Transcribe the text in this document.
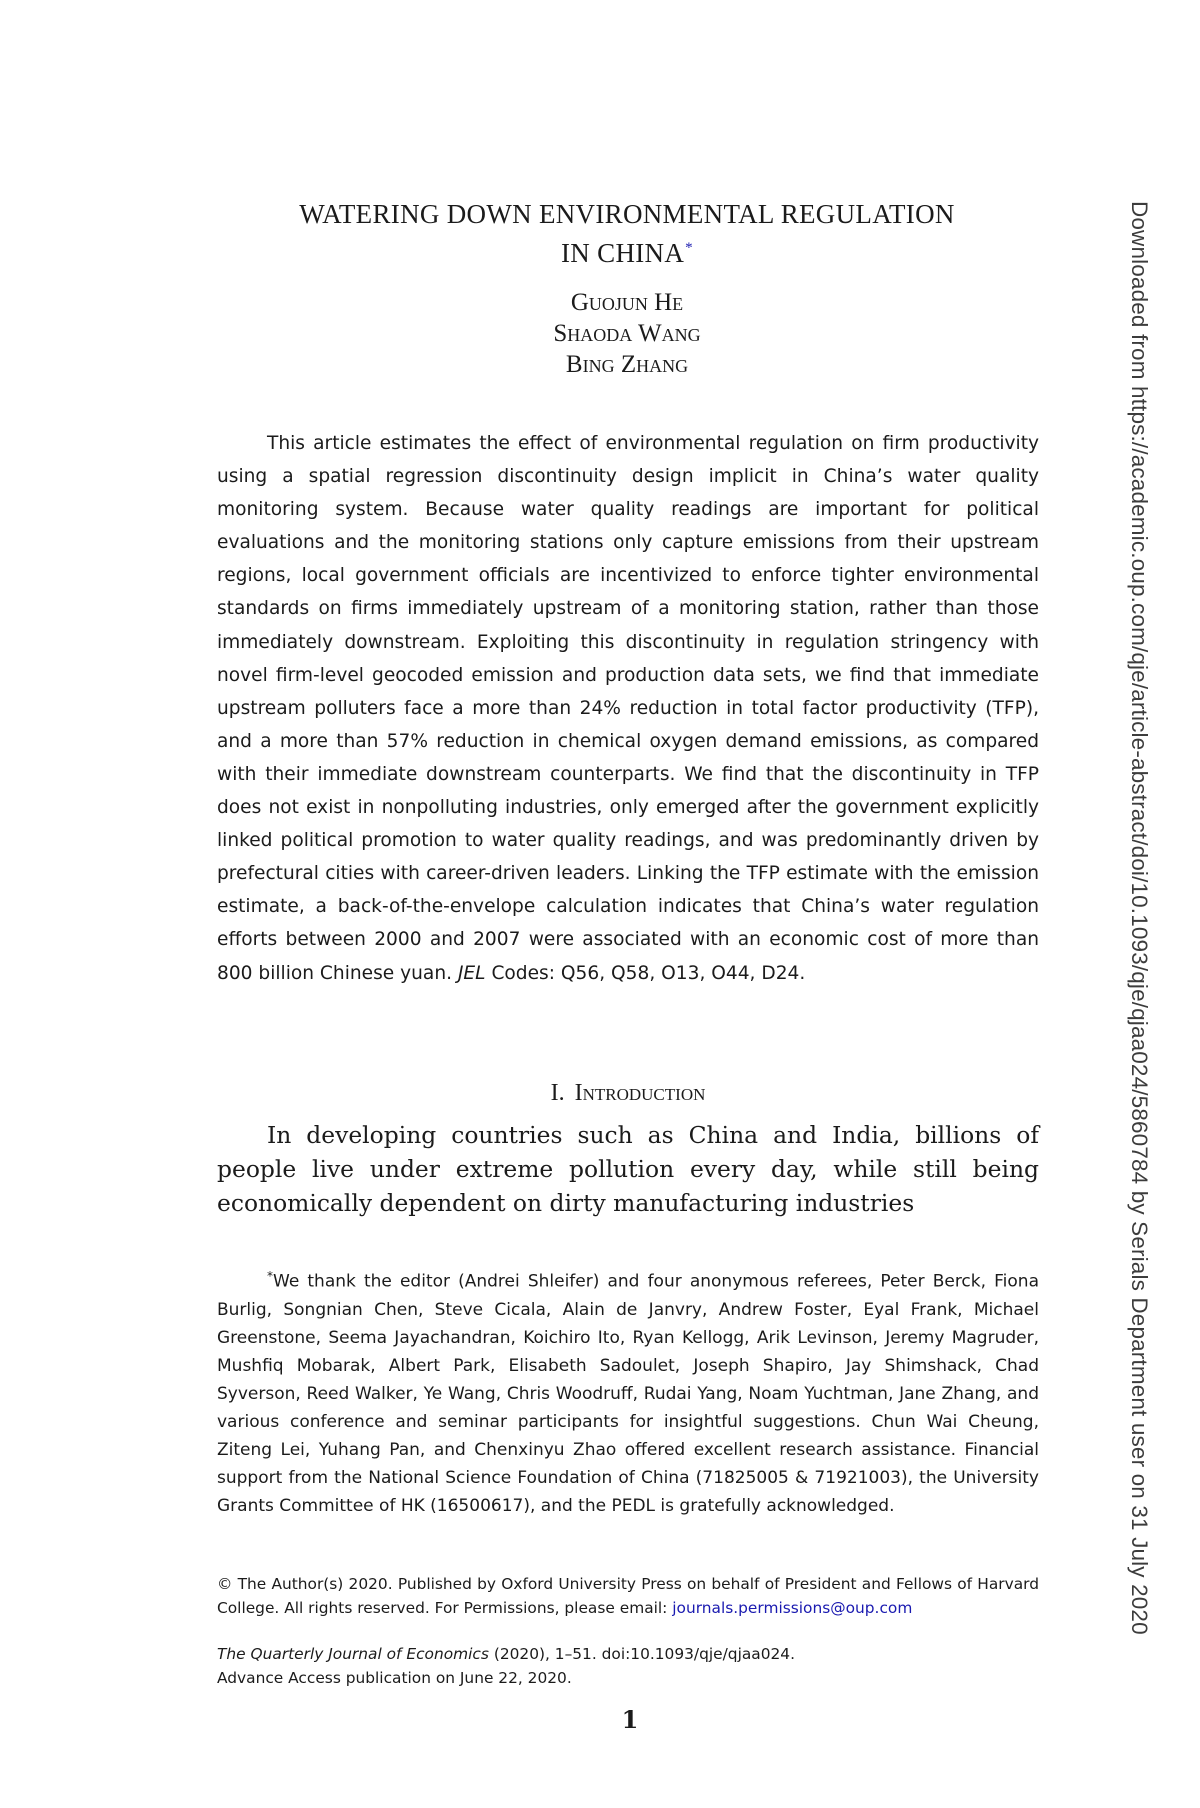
WATERING DOWN ENVIRONMENTAL REGULATION
IN CHINA*
Guojun He
Shaoda Wang
Bing Zhang
This article estimates the effect of environmental regulation on firm productivity using a spatial regression discontinuity design implicit in China’s water quality monitoring system. Because water quality readings are important for political evaluations and the monitoring stations only capture emissions from their upstream regions, local government officials are incentivized to enforce tighter environmental standards on firms immediately upstream of a monitoring station, rather than those immediately downstream. Exploiting this discontinuity in regulation stringency with novel firm-level geocoded emission and production data sets, we find that immediate upstream polluters face a more than 24% reduction in total factor productivity (TFP), and a more than 57% reduction in chemical oxygen demand emissions, as compared with their immediate downstream counterparts. We find that the discontinuity in TFP does not exist in nonpolluting industries, only emerged after the government explicitly linked political promotion to water quality readings, and was predominantly driven by prefectural cities with career-driven leaders. Linking the TFP estimate with the emission estimate, a back-of-the-envelope calculation indicates that China’s water regulation efforts between 2000 and 2007 were associated with an economic cost of more than 800 billion Chinese yuan. JEL Codes: Q56, Q58, O13, O44, D24.
I. Introduction
In developing countries such as China and India, billions of people live under extreme pollution every day, while still being economically dependent on dirty manufacturing industries
*We thank the editor (Andrei Shleifer) and four anonymous referees, Peter Berck, Fiona Burlig, Songnian Chen, Steve Cicala, Alain de Janvry, Andrew Foster, Eyal Frank, Michael Greenstone, Seema Jayachandran, Koichiro Ito, Ryan Kellogg, Arik Levinson, Jeremy Magruder, Mushfiq Mobarak, Albert Park, Elisabeth Sadoulet, Joseph Shapiro, Jay Shimshack, Chad Syverson, Reed Walker, Ye Wang, Chris Woodruff, Rudai Yang, Noam Yuchtman, Jane Zhang, and various conference and seminar participants for insightful suggestions. Chun Wai Cheung, Ziteng Lei, Yuhang Pan, and Chenxinyu Zhao offered excellent research assistance. Financial support from the National Science Foundation of China (71825005 & 71921003), the University Grants Committee of HK (16500617), and the PEDL is gratefully acknowledged.
© The Author(s) 2020. Published by Oxford University Press on behalf of President and Fellows of Harvard College. All rights reserved. For Permissions, please email: journals.permissions@oup.com
The Quarterly Journal of Economics (2020), 1–51. doi:10.1093/qje/qjaa024.
Advance Access publication on June 22, 2020.
1
Downloaded from https://academic.oup.com/qje/article-abstract/doi/10.1093/qje/qjaa024/5860784 by Serials Department user on 31 July 2020
